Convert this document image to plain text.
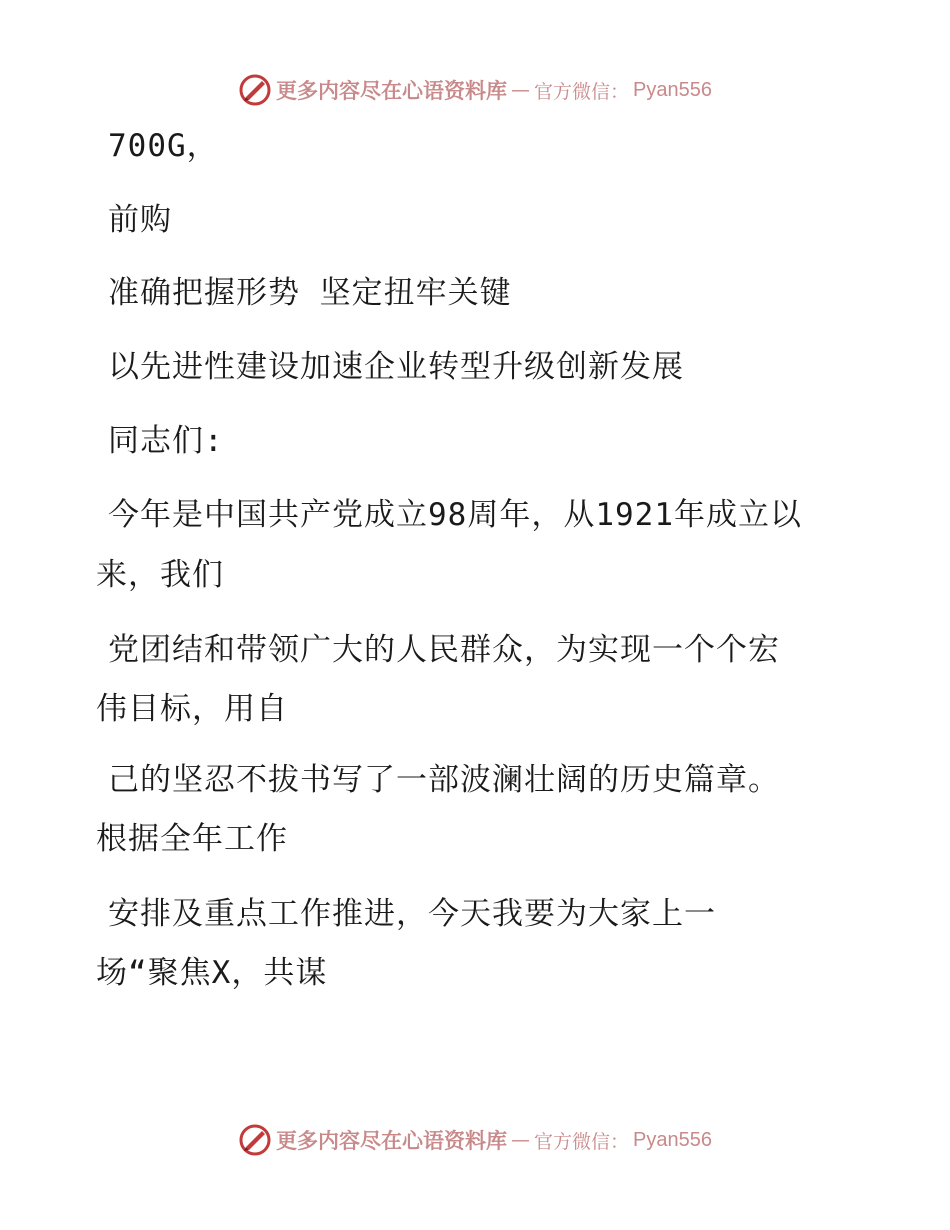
更多内容尽在心语资料库 — 官方微信： Pyan556
700G，
前购
准确把握形势 坚定扭牢关键
以先进性建设加速企业转型升级创新发展
同志们:
今年是中国共产党成立98周年，从1921年成立以
来，我们
党团结和带领广大的人民群众，为实现一个个宏
伟目标，用自
己的坚忍不拔书写了一部波澜壮阔的历史篇章。
根据全年工作
安排及重点工作推进，今天我要为大家上一
场“聚焦X，共谋
更多内容尽在心语资料库 — 官方微信： Pyan556
